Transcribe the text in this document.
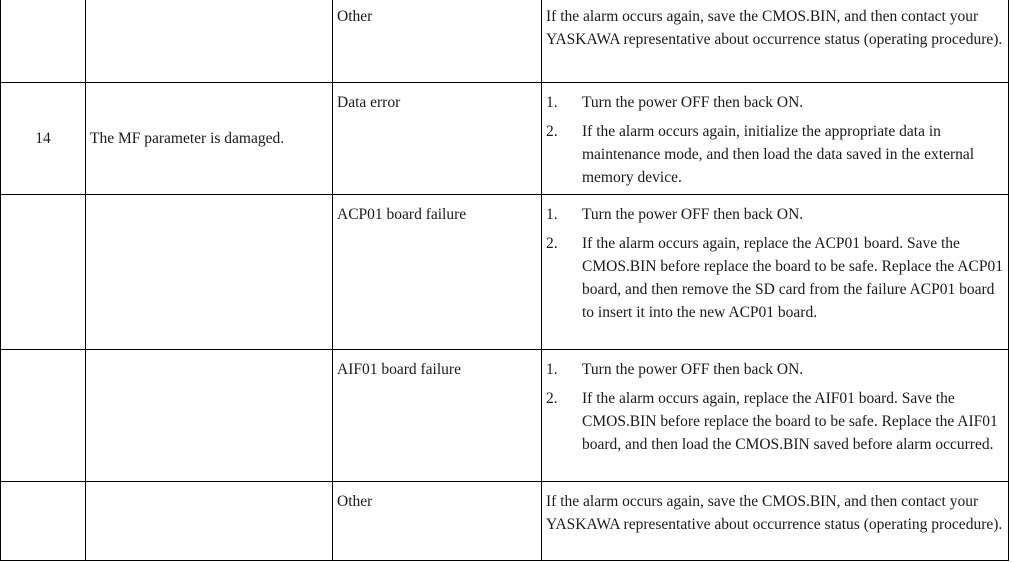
		Other	If the alarm occurs again, save the CMOS.BIN, and then contact your YASKAWA representative about occurrence status (operating procedure).
14	The MF parameter is damaged.	Data error	1. Turn the power OFF then back ON.
2. If the alarm occurs again, initialize the appropriate data in maintenance mode, and then load the data saved in the external memory device.

		ACP01 board failure	1. Turn the power OFF then back ON.
2. If the alarm occurs again, replace the ACP01 board. Save the CMOS.BIN before replace the board to be safe. Replace the ACP01 board, and then remove the SD card from the failure ACP01 board to insert it into the new ACP01 board.

		AIF01 board failure	1. Turn the power OFF then back ON.
2. If the alarm occurs again, replace the AIF01 board. Save the CMOS.BIN before replace the board to be safe. Replace the AIF01 board, and then load the CMOS.BIN saved before alarm occurred.

		Other	If the alarm occurs again, save the CMOS.BIN, and then contact your YASKAWA representative about occurrence status (operating procedure).
